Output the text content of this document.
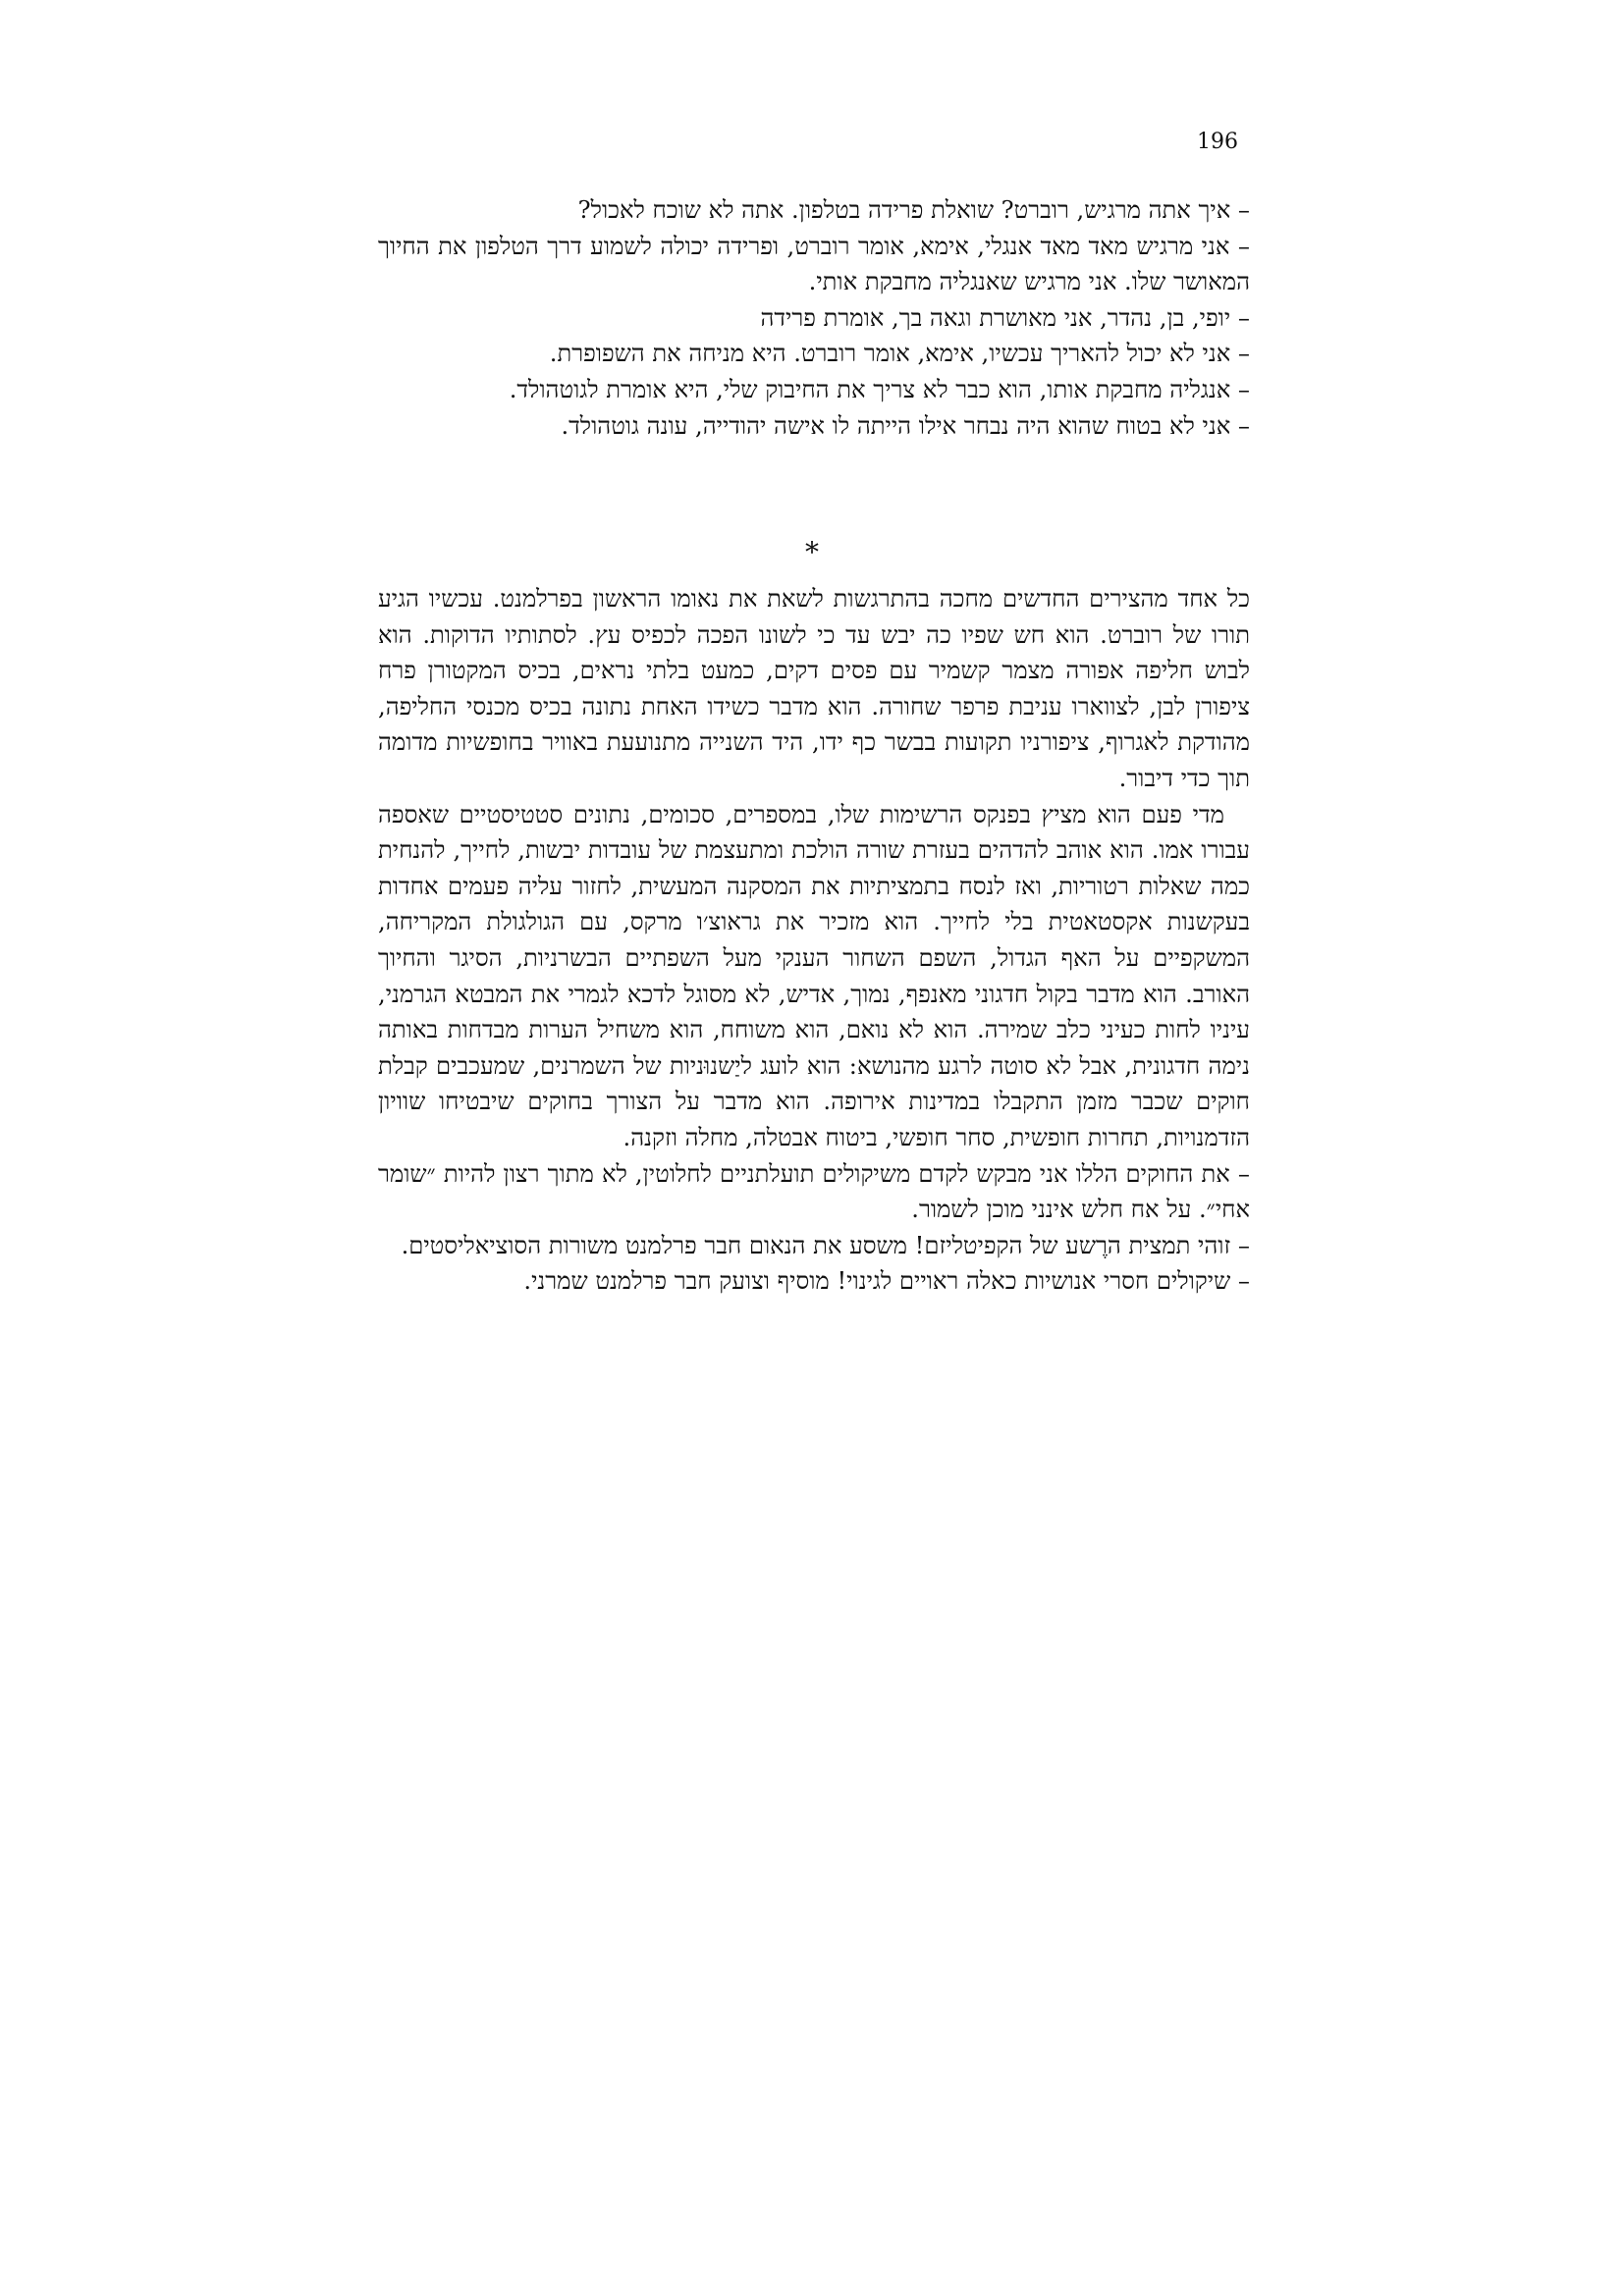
196

– איך אתה מרגיש, רוברט? שואלת פרידה בטלפון. אתה לא שוכח לאכול?

– אני מרגיש מאד מאד אנגלי, אימא, אומר רוברט, ופרידה יכולה לשמוע דרך הטלפון את החיוך המאושר שלו. אני מרגיש שאנגליה מחבקת אותי.

– יופי, בן, נהדר, אני מאושרת וגאה בך, אומרת פרידה

– אני לא יכול להאריך עכשיו, אימא, אומר רוברט. היא מניחה את השפופרת.

– אנגליה מחבקת אותו, הוא כבר לא צריך את החיבוק שלי, היא אומרת לגוטהולד.

– אני לא בטוח שהוא היה נבחר אילו הייתה לו אישה יהודייה, עונה גוטהולד.

*

כל אחד מהצירים החדשים מחכה בהתרגשות לשאת את נאומו הראשון בפרלמנט. עכשיו הגיע תורו של רוברט. הוא חש שפיו כה יבש עד כי לשונו הפכה לכפיס עץ. לסתותיו הדוקות. הוא לבוש חליפה אפורה מצמר קשמיר עם פסים דקים, כמעט בלתי נראים, בכיס המקטורן פרח ציפורן לבן, לצווארו עניבת פרפר שחורה. הוא מדבר כשידו האחת נתונה בכיס מכנסי החליפה, מהודקת לאגרוף, ציפורניו תקועות בבשר כף ידו, היד השנייה מתנועעת באוויר בחופשיות מדומה תוך כדי דיבור.

מדי פעם הוא מציץ בפנקס הרשימות שלו, במספרים, סכומים, נתונים סטטיסטיים שאספה עבורו אמו. הוא אוהב להדהים בעזרת שורה הולכת ומתעצמת של עובדות יבשות, לחייך, להנחית כמה שאלות רטוריות, ואז לנסח בתמציתיות את המסקנה המעשית, לחזור עליה פעמים אחדות בעקשנות אקסטאטית בלי לחייך. הוא מזכיר את גראוצ׳ו מרקס, עם הגולגולת המקריחה, המשקפיים על האף הגדול, השפם השחור הענקי מעל השפתיים הבשרניות, הסיגר והחיוך האורב. הוא מדבר בקול חדגוני מאנפף, נמוך, אדיש, לא מסוגל לדכא לגמרי את המבטא הגרמני, עיניו לחות כעיני כלב שמירה. הוא לא נואם, הוא משוחח, הוא משחיל הערות מבדחות באותה נימה חדגונית, אבל לא סוטה לרגע מהנושא: הוא לועג ליַשנוּניות של השמרנים, שמעכבים קבלת חוקים שכבר מזמן התקבלו במדינות אירופה. הוא מדבר על הצורך בחוקים שיבטיחו שוויון הזדמנויות, תחרות חופשית, סחר חופשי, ביטוח אבטלה, מחלה וזקנה.

– את החוקים הללו אני מבקש לקדם משיקולים תועלתניים לחלוטין, לא מתוך רצון להיות ״שומר אחי״. על אח חלש אינני מוכן לשמור.

– זוהי תמצית הרֶשע של הקפיטליזם! משסע את הנאום חבר פרלמנט משורות הסוציאליסטים.

– שיקולים חסרי אנושיות כאלה ראויים לגינוי! מוסיף וצועק חבר פרלמנט שמרני.
